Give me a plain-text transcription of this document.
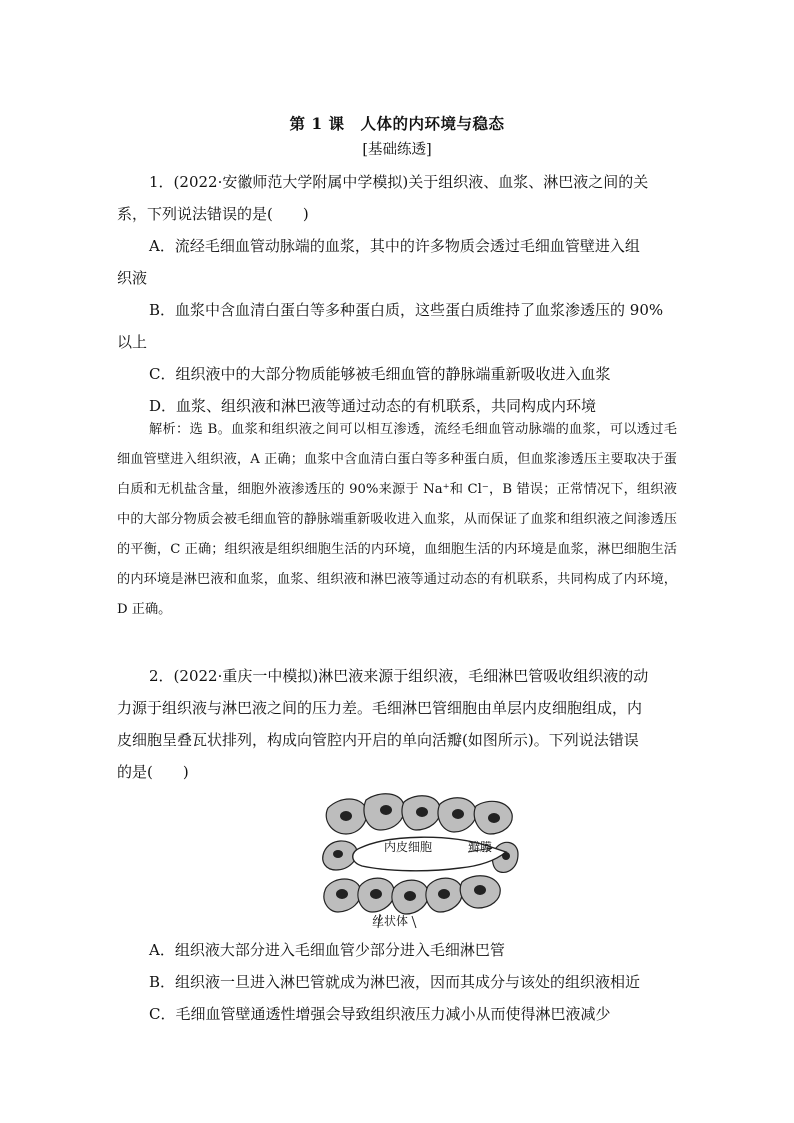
第 1 课　人体的内环境与稳态
[基础练透]

1．(2022·安徽师范大学附属中学模拟)关于组织液、血浆、淋巴液之间的关

系，下列说法错误的是(　　)

A．流经毛细血管动脉端的血浆，其中的许多物质会透过毛细血管壁进入组

织液

B．血浆中含血清白蛋白等多种蛋白质，这些蛋白质维持了血浆渗透压的 90%

以上

C．组织液中的大部分物质能够被毛细血管的静脉端重新吸收进入血浆

D．血浆、组织液和淋巴液等通过动态的有机联系，共同构成内环境

解析：选 B。血浆和组织液之间可以相互渗透，流经毛细血管动脉端的血浆，可以透过毛细血管壁进入组织液，A 正确；血浆中含血清白蛋白等多种蛋白质，但血浆渗透压主要取决于蛋白质和无机盐含量，细胞外液渗透压的 90%来源于 Na⁺和 Cl⁻，B 错误；正常情况下，组织液中的大部分物质会被毛细血管的静脉端重新吸收进入血浆，从而保证了血浆和组织液之间渗透压的平衡，C 正确；组织液是组织细胞生活的内环境，血细胞生活的内环境是血浆，淋巴细胞生活的内环境是淋巴液和血浆，血浆、组织液和淋巴液等通过动态的有机联系，共同构成了内环境，D 正确。

2．(2022·重庆一中模拟)淋巴液来源于组织液，毛细淋巴管吸收组织液的动

力源于组织液与淋巴液之间的压力差。毛细淋巴管细胞由单层内皮细胞组成，内

皮细胞呈叠瓦状排列，构成向管腔内开启的单向活瓣(如图所示)。下列说法错误

的是(　　)

内皮细胞	瓣膜
丝状体

A．组织液大部分进入毛细血管少部分进入毛细淋巴管

B．组织液一旦进入淋巴管就成为淋巴液，因而其成分与该处的组织液相近

C．毛细血管壁通透性增强会导致组织液压力减小从而使得淋巴液减少
